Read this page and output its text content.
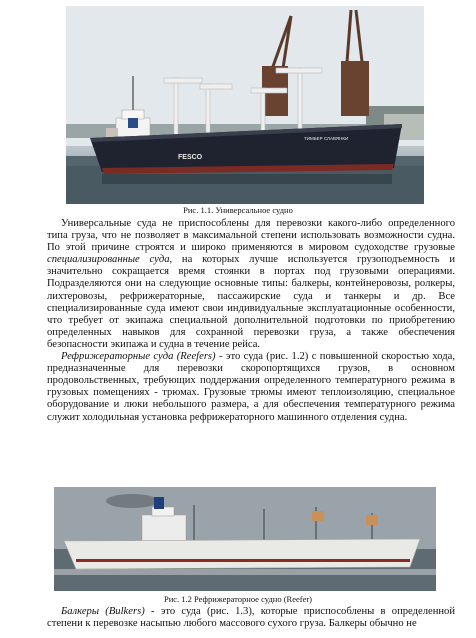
FESCO
ТИМБЕР СЛАВЯНКИ
Рис. 1.1. Универсальное судно

Универсальные суда не приспособлены для перевозки какого-либо определенного типа груза, что не позволяет в максимальной степени использовать возможности судна. По этой причине строятся и широко применяются в мировом судоходстве грузовые специализированные суда, на которых лучше используется грузоподъемность и значительно сокращается время стоянки в портах под грузовыми операциями. Подразделяются они на следующие основные типы: балкеры, контейнеровозы, ролкеры, лихтеровозы, рефрижераторные, пассажирские суда и танкеры и др. Все специализированные суда имеют свои индивидуальные эксплуатационные особенности, что требует от экипажа специальной дополнительной подготовки по приобретению определенных навыков для сохранной перевозки груза, а также обеспечения безопасности экипажа и судна в течение рейса.

Рефрижераторные суда (Reefers) - это суда (рис. 1.2) с повышенной скоростью хода, предназначенные для перевозки скоропортящихся грузов, в основном продовольственных, требующих поддержания определенного температурного режима в грузовых помещениях - трюмах. Грузовые трюмы имеют теплоизоляцию, специальное оборудование и люки небольшого размера, а для обеспечения температурного режима служит холодильная установка рефрижераторного машинного отделения судна.

Рис. 1.2 Рефрижераторное судно (Reefer)

Балкеры (Bulkers) - это суда (рис. 1.3), которые приспособлены в определенной степени к перевозке насыпью любого массового сухого груза. Балкеры обычно не
